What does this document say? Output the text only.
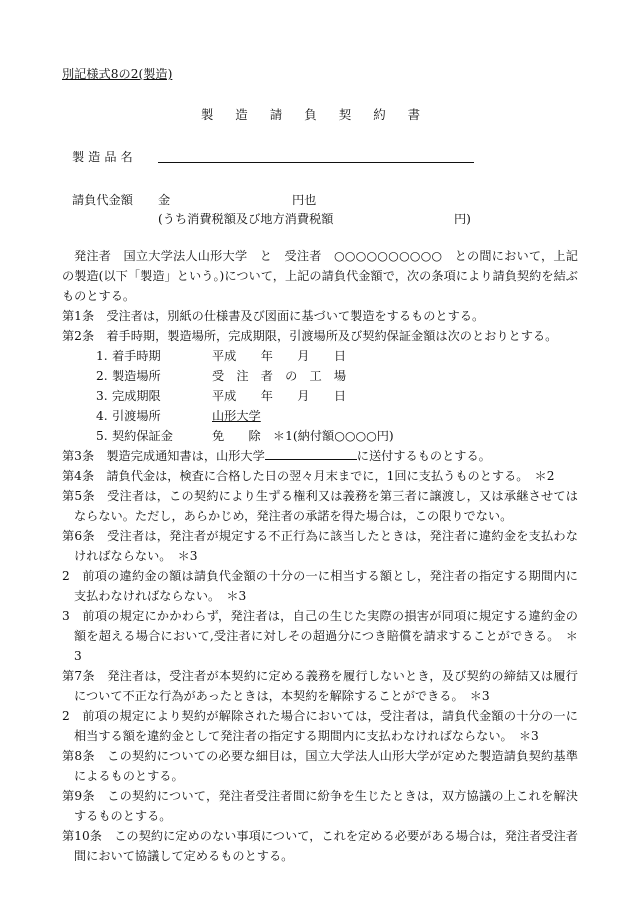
別記様式8の2(製造)
製 造 請 負 契 約 書
製造品名
請負代金額 金	円也
(うち消費税額及び地方消費税額	円)
発注者　国立大学法人山形大学　と　受注者　○○○○○○○○○○　との間において，上記の製造(以下「製造」という。)について，上記の請負代金額で，次の条項により請負契約を結ぶものとする。
第1条　受注者は，別紙の仕様書及び図面に基づいて製造をするものとする。
第2条　着手時期，製造場所，完成期限，引渡場所及び契約保証金額は次のとおりとする。
1. 着手時期	平成　　年　　月　　日
2. 製造場所	受　注　者　の　工　場
3. 完成期限	平成　　年　　月　　日
4. 引渡場所	山形大学
5. 契約保証金	免　　除　＊1(納付額○○○○円)
第3条　製造完成通知書は，山形大学	に送付するものとする。
第4条　請負代金は，検査に合格した日の翌々月末までに，1回に支払うものとする。　＊2
第5条　受注者は，この契約により生ずる権利又は義務を第三者に譲渡し，又は承継させてはならない。ただし，あらかじめ，発注者の承諾を得た場合は，この限りでない。
第6条　受注者は，発注者が規定する不正行為に該当したときは，発注者に違約金を支払わなければならない。　＊3
2　前項の違約金の額は請負代金額の十分の一に相当する額とし，発注者の指定する期間内に支払わなければならない。　＊3
3　前項の規定にかかわらず，発注者は，自己の生じた実際の損害が同項に規定する違約金の額を超える場合において,受注者に対しその超過分につき賠償を請求することができる。　＊3
第7条　発注者は，受注者が本契約に定める義務を履行しないとき，及び契約の締結又は履行について不正な行為があったときは，本契約を解除することができる。　＊3
2　前項の規定により契約が解除された場合においては，受注者は，請負代金額の十分の一に相当する額を違約金として発注者の指定する期間内に支払わなければならない。　＊3
第8条　この契約についての必要な細目は，国立大学法人山形大学が定めた製造請負契約基準によるものとする。
第9条　この契約について，発注者受注者間に紛争を生じたときは，双方協議の上これを解決するものとする。
第10条　この契約に定めのない事項について，これを定める必要がある場合は，発注者受注者間において協議して定めるものとする。
